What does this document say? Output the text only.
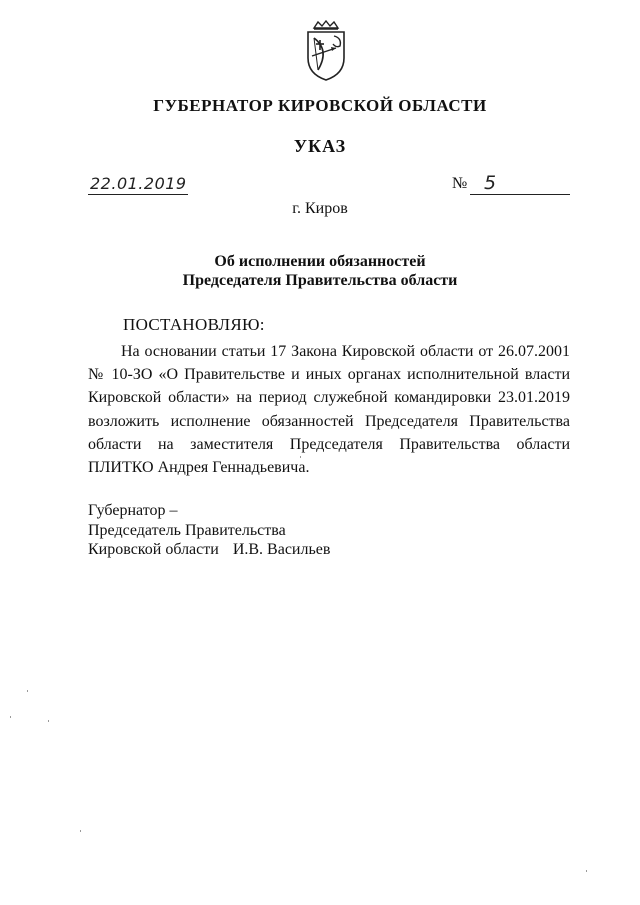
ГУБЕРНАТОР КИРОВСКОЙ ОБЛАСТИ
УКАЗ
22.01.2019	№ 5
г. Киров
Об исполнении обязанностей
Председателя Правительства области
ПОСТАНОВЛЯЮ:
На основании статьи 17 Закона Кировской области от 26.07.2001 № 10-ЗО «О Правительстве и иных органах исполнительной власти Кировской области» на период служебной командировки 23.01.2019 возложить исполнение обязанностей Председателя Правительства области на заместителя Председателя Правительства области ПЛИТКО Андрея Геннадьевича.
Губернатор –
Председатель Правительства
Кировской области И.В. Васильев
